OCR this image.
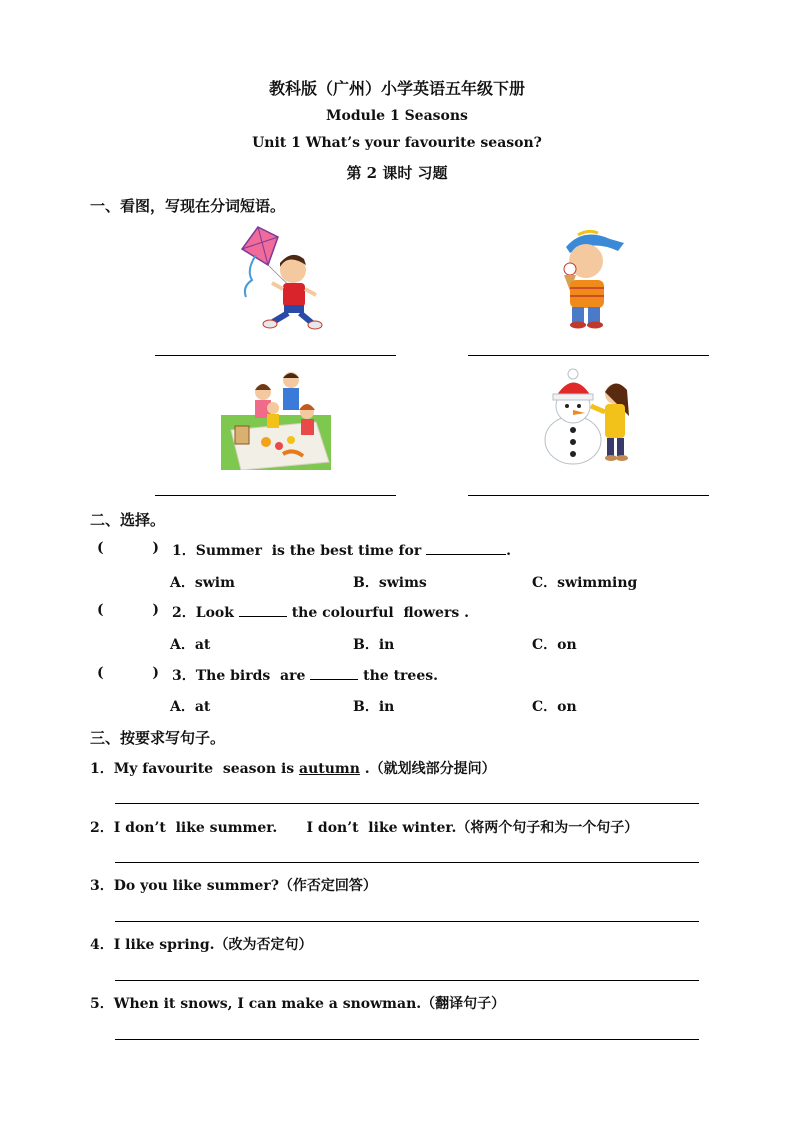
教科版（广州）小学英语五年级下册
Module 1 Seasons
Unit 1 What’s your favourite season?
第 2 课时 习题
一、看图，写现在分词短语。
二、选择。
(          ) 1．Summer  is the best time for	.
A．swim	B．swims	C．swimming
(          ) 2．Look	the colourful  flowers .
A．at	B．in	C．on
(          ) 3．The birds  are	the trees.
A．at	B．in	C．on
三、按要求写句子。
1．My favourite  season is autumn .（就划线部分提问）
2．I don’t  like summer.      I don’t  like winter.（将两个句子和为一个句子）
3．Do you like summer?（作否定回答）
4．I like spring.（改为否定句）
5．When it snows, I can make a snowman.（翻译句子）
